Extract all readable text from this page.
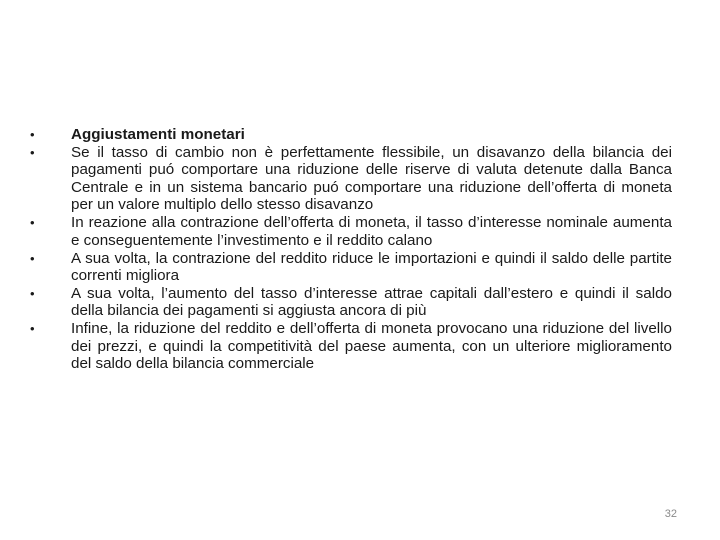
•	Aggiustamenti monetari
•	Se il tasso di cambio non è perfettamente flessibile, un disavanzo della bilancia dei pagamenti puó comportare una riduzione delle riserve di valuta detenute dalla Banca Centrale e in un sistema bancario puó comportare una riduzione dell’offerta di moneta per un valore multiplo dello stesso disavanzo
•	In reazione alla contrazione dell’offerta di moneta, il tasso d’interesse nominale aumenta e conseguentemente l’investimento e il reddito calano
•	A sua volta, la contrazione del reddito riduce le importazioni e quindi il saldo delle partite correnti migliora
•	A sua volta, l’aumento del tasso d’interesse attrae capitali dall’estero e quindi il saldo della bilancia dei pagamenti si aggiusta ancora di più
•	Infine, la riduzione del reddito e dell’offerta di moneta provocano una riduzione del livello dei prezzi, e quindi la competitività del paese aumenta, con un ulteriore miglioramento del saldo della bilancia commerciale
32
